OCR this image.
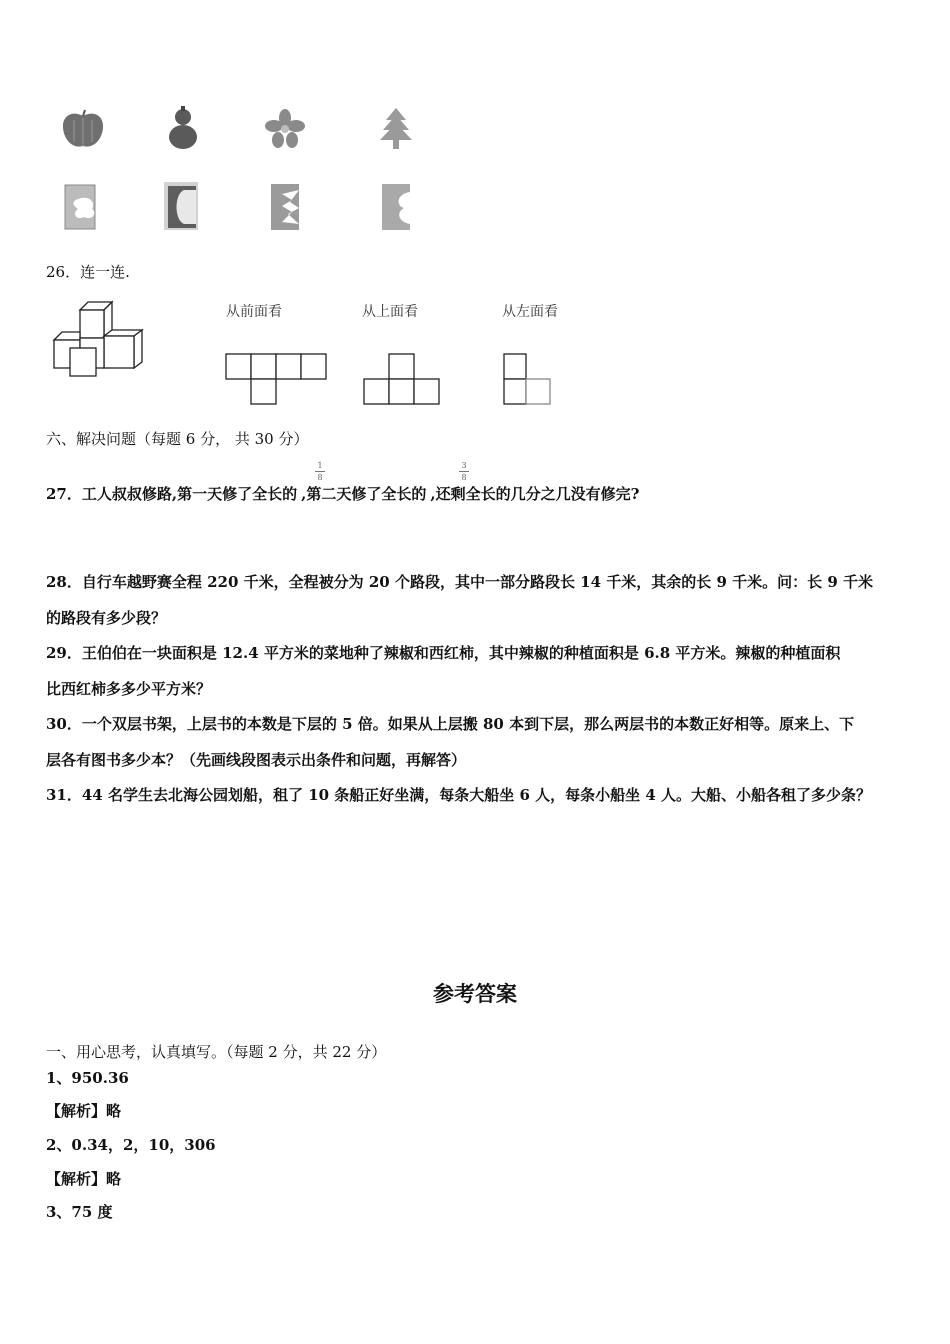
26．连一连.
从前面看	从上面看	从左面看
六、解决问题（每题 6 分， 共 30 分）
27．工人叔叔修路,第一天修了全长的 ,第二天修了全长的 ,还剩全长的几分之几没有修完?
1
8
3
8
28．自行车越野赛全程 220 千米，全程被分为 20 个路段，其中一部分路段长 14 千米，其余的长 9 千米。问：长 9 千米
的路段有多少段？
29．王伯伯在一块面积是 12.4 平方米的菜地种了辣椒和西红柿，其中辣椒的种植面积是 6.8 平方米。辣椒的种植面积
比西红柿多多少平方米？
30．一个双层书架，上层书的本数是下层的 5 倍。如果从上层搬 80 本到下层，那么两层书的本数正好相等。原来上、下
层各有图书多少本？（先画线段图表示出条件和问题，再解答）
31．44 名学生去北海公园划船，租了 10 条船正好坐满，每条大船坐 6 人，每条小船坐 4 人。大船、小船各租了多少条？
参考答案
一、用心思考，认真填写。（每题 2 分，共 22 分）
1、950.36
【解析】略
2、0.34，2，10，306
【解析】略
3、75 度
